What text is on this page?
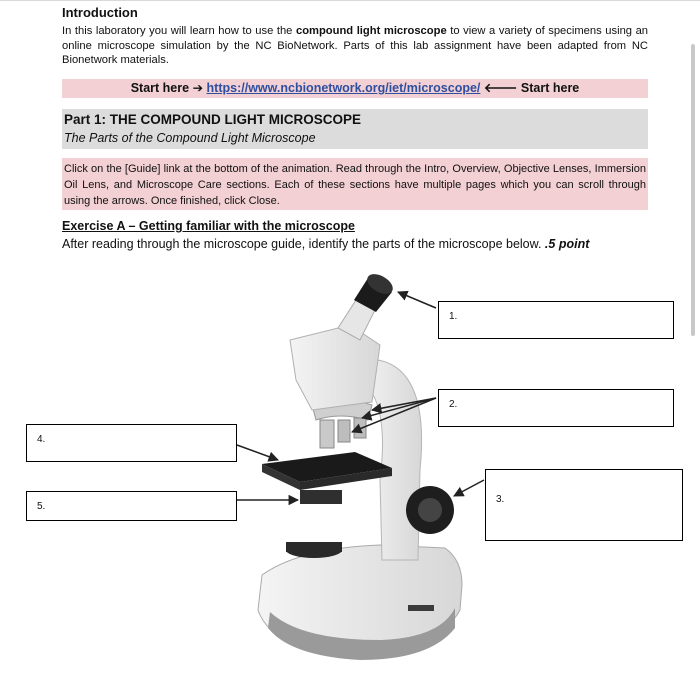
Introduction
In this laboratory you will learn how to use the compound light microscope to view a variety of specimens using an online microscope simulation by the NC BioNetwork. Parts of this lab assignment have been adapted from NC Bionetwork materials.
Start here ➔ https://www.ncbionetwork.org/iet/microscope/ 🡐 Start here
Part 1: THE COMPOUND LIGHT MICROSCOPE
The Parts of the Compound Light Microscope
Click on the [Guide] link at the bottom of the animation. Read through the Intro, Overview, Objective Lenses, Immersion Oil Lens, and Microscope Care sections. Each of these sections have multiple pages which you can scroll through using the arrows. Once finished, click Close.
Exercise A – Getting familiar with the microscope
After reading through the microscope guide, identify the parts of the microscope below. .5 point
1.
2.
3.
4.
5.
